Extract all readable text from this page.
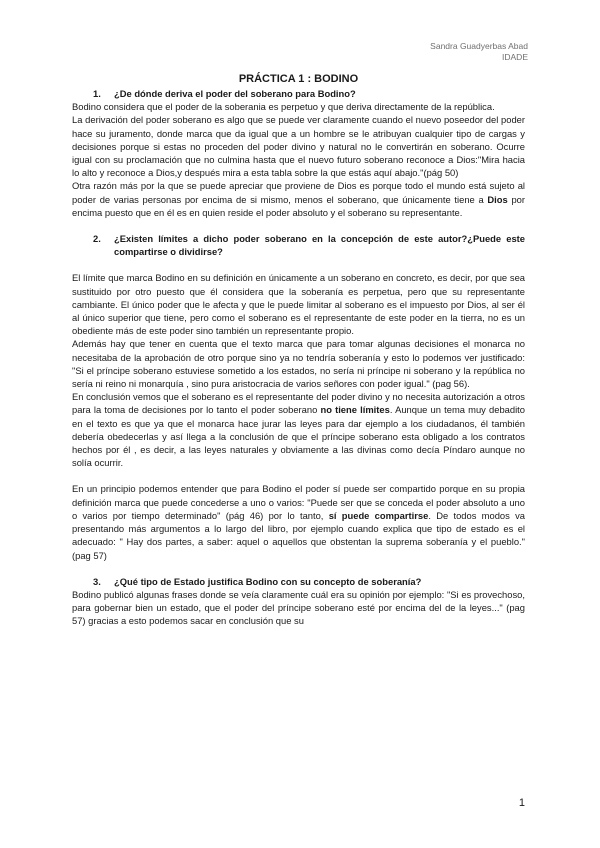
Sandra Guadyerbas Abad
IDADE

PRÁCTICA 1 : BODINO

1.	¿De dónde deriva el poder del soberano para Bodino?

Bodino considera que el poder de la soberania es perpetuo y que deriva directamente de la república.

La derivación del poder soberano es algo que se puede ver claramente cuando el nuevo poseedor del poder hace su juramento, donde marca que da igual que a un hombre se le atribuyan cualquier tipo de cargas y decisiones porque si estas no proceden del poder divino y natural no le convertirán en soberano. Ocurre igual con su proclamación que no culmina hasta que el nuevo futuro soberano reconoce a Dios:"Mira hacia lo alto y reconoce a Dios,y después mira a esta tabla sobre la que estás aquí abajo."(pág 50)

Otra razón más por la que se puede apreciar que proviene de Dios es porque todo el mundo está sujeto al poder de varias personas por encima de si mismo, menos el soberano, que únicamente tiene a Dios por encima puesto que en él es en quien reside el poder absoluto y el soberano su representante.

2.	¿Existen límites a dicho poder soberano en la concepción de este autor?¿Puede este compartirse o dividirse?

El límite que marca Bodino en su definición en únicamente a un soberano en concreto, es decir, por que sea sustituido por otro puesto que él considera que la soberanía es perpetua, pero que su representante cambiante. El único poder que le afecta y que le puede limitar al soberano es el impuesto por Dios, al ser él al único superior que tiene, pero como el soberano es el representante de este poder en la tierra, no es un obediente más de este poder sino también un representante propio.

Además hay que tener en cuenta que el texto marca que para tomar algunas decisiones el monarca no necesitaba de la aprobación de otro porque sino ya no tendría soberanía y esto lo podemos ver justificado: "Si el príncipe soberano estuviese sometido a los estados, no sería ni príncipe ni soberano y la república no sería ni reino ni monarquía , sino pura aristocracia de varios señores con poder igual." (pag 56).

En conclusión vemos que el soberano es el representante del poder divino y no necesita autorización a otros para la toma de decisiones por lo tanto el poder soberano no tiene límites. Aunque un tema muy debadito en el texto es que ya que el monarca hace jurar las leyes para dar ejemplo a los ciudadanos, él también debería obedecerlas y así llega a la conclusión de que el príncipe soberano esta obligado a los contratos hechos por él , es decir, a las leyes naturales y obviamente a las divinas como decía Píndaro aunque no solía ocurrir.

En un principio podemos entender que para Bodino el poder sí puede ser compartido porque en su propia definición marca que puede concederse a uno o varios: "Puede ser que se conceda el poder absoluto a uno o varios por tiempo determinado" (pág 46) por lo tanto, sí puede compartirse. De todos modos va presentando más argumentos a lo largo del libro, por ejemplo cuando explica que tipo de estado es el adecuado: " Hay dos partes, a saber: aquel o aquellos que obstentan la suprema soberanía y el pueblo." (pag 57)

3.	¿Qué tipo de Estado justifica Bodino con su concepto de soberanía?

Bodino publicó algunas frases donde se veía claramente cuál era su opinión por ejemplo: "Si es provechoso, para gobernar bien un estado, que el poder del príncipe soberano esté por encima del de la leyes..." (pag 57) gracias a esto podemos sacar en conclusión que su

1
